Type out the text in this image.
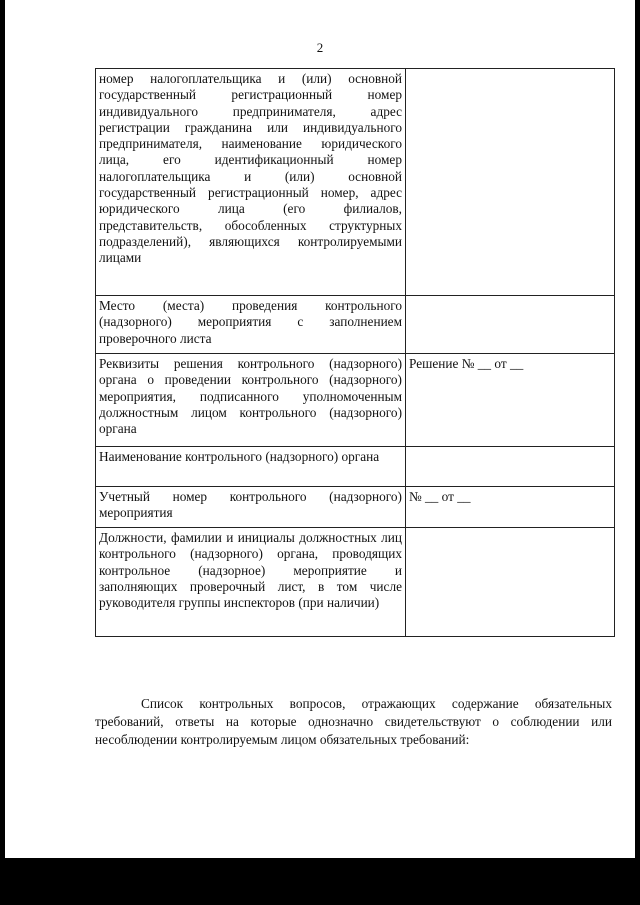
2
номер налогоплательщика и (или) основной государственный регистрационный номер индивидуального предпринимателя, адрес регистрации гражданина или индивидуального предпринимателя, наименование юридического лица, его идентификационный номер налогоплательщика и (или) основной государственный регистрационный номер, адрес юридического лица (его филиалов, представительств, обособленных структурных подразделений), являющихся контролируемыми лицами	
Место (места) проведения контрольного (надзорного) мероприятия с заполнением проверочного листа	
Реквизиты решения контрольного (надзорного) органа о проведении контрольного (надзорного) мероприятия, подписанного уполномоченным должностным лицом контрольного (надзорного) органа	Решение № __ от __
Наименование контрольного (надзорного) органа	
Учетный номер контрольного (надзорного) мероприятия	№ __ от __
Должности, фамилии и инициалы должностных лиц контрольного (надзорного) органа, проводящих контрольное (надзорное) мероприятие и заполняющих проверочный лист, в том числе руководителя группы инспекторов (при наличии)	

Список контрольных вопросов, отражающих содержание обязательных требований, ответы на которые однозначно свидетельствуют о соблюдении или несоблюдении контролируемым лицом обязательных требований:
